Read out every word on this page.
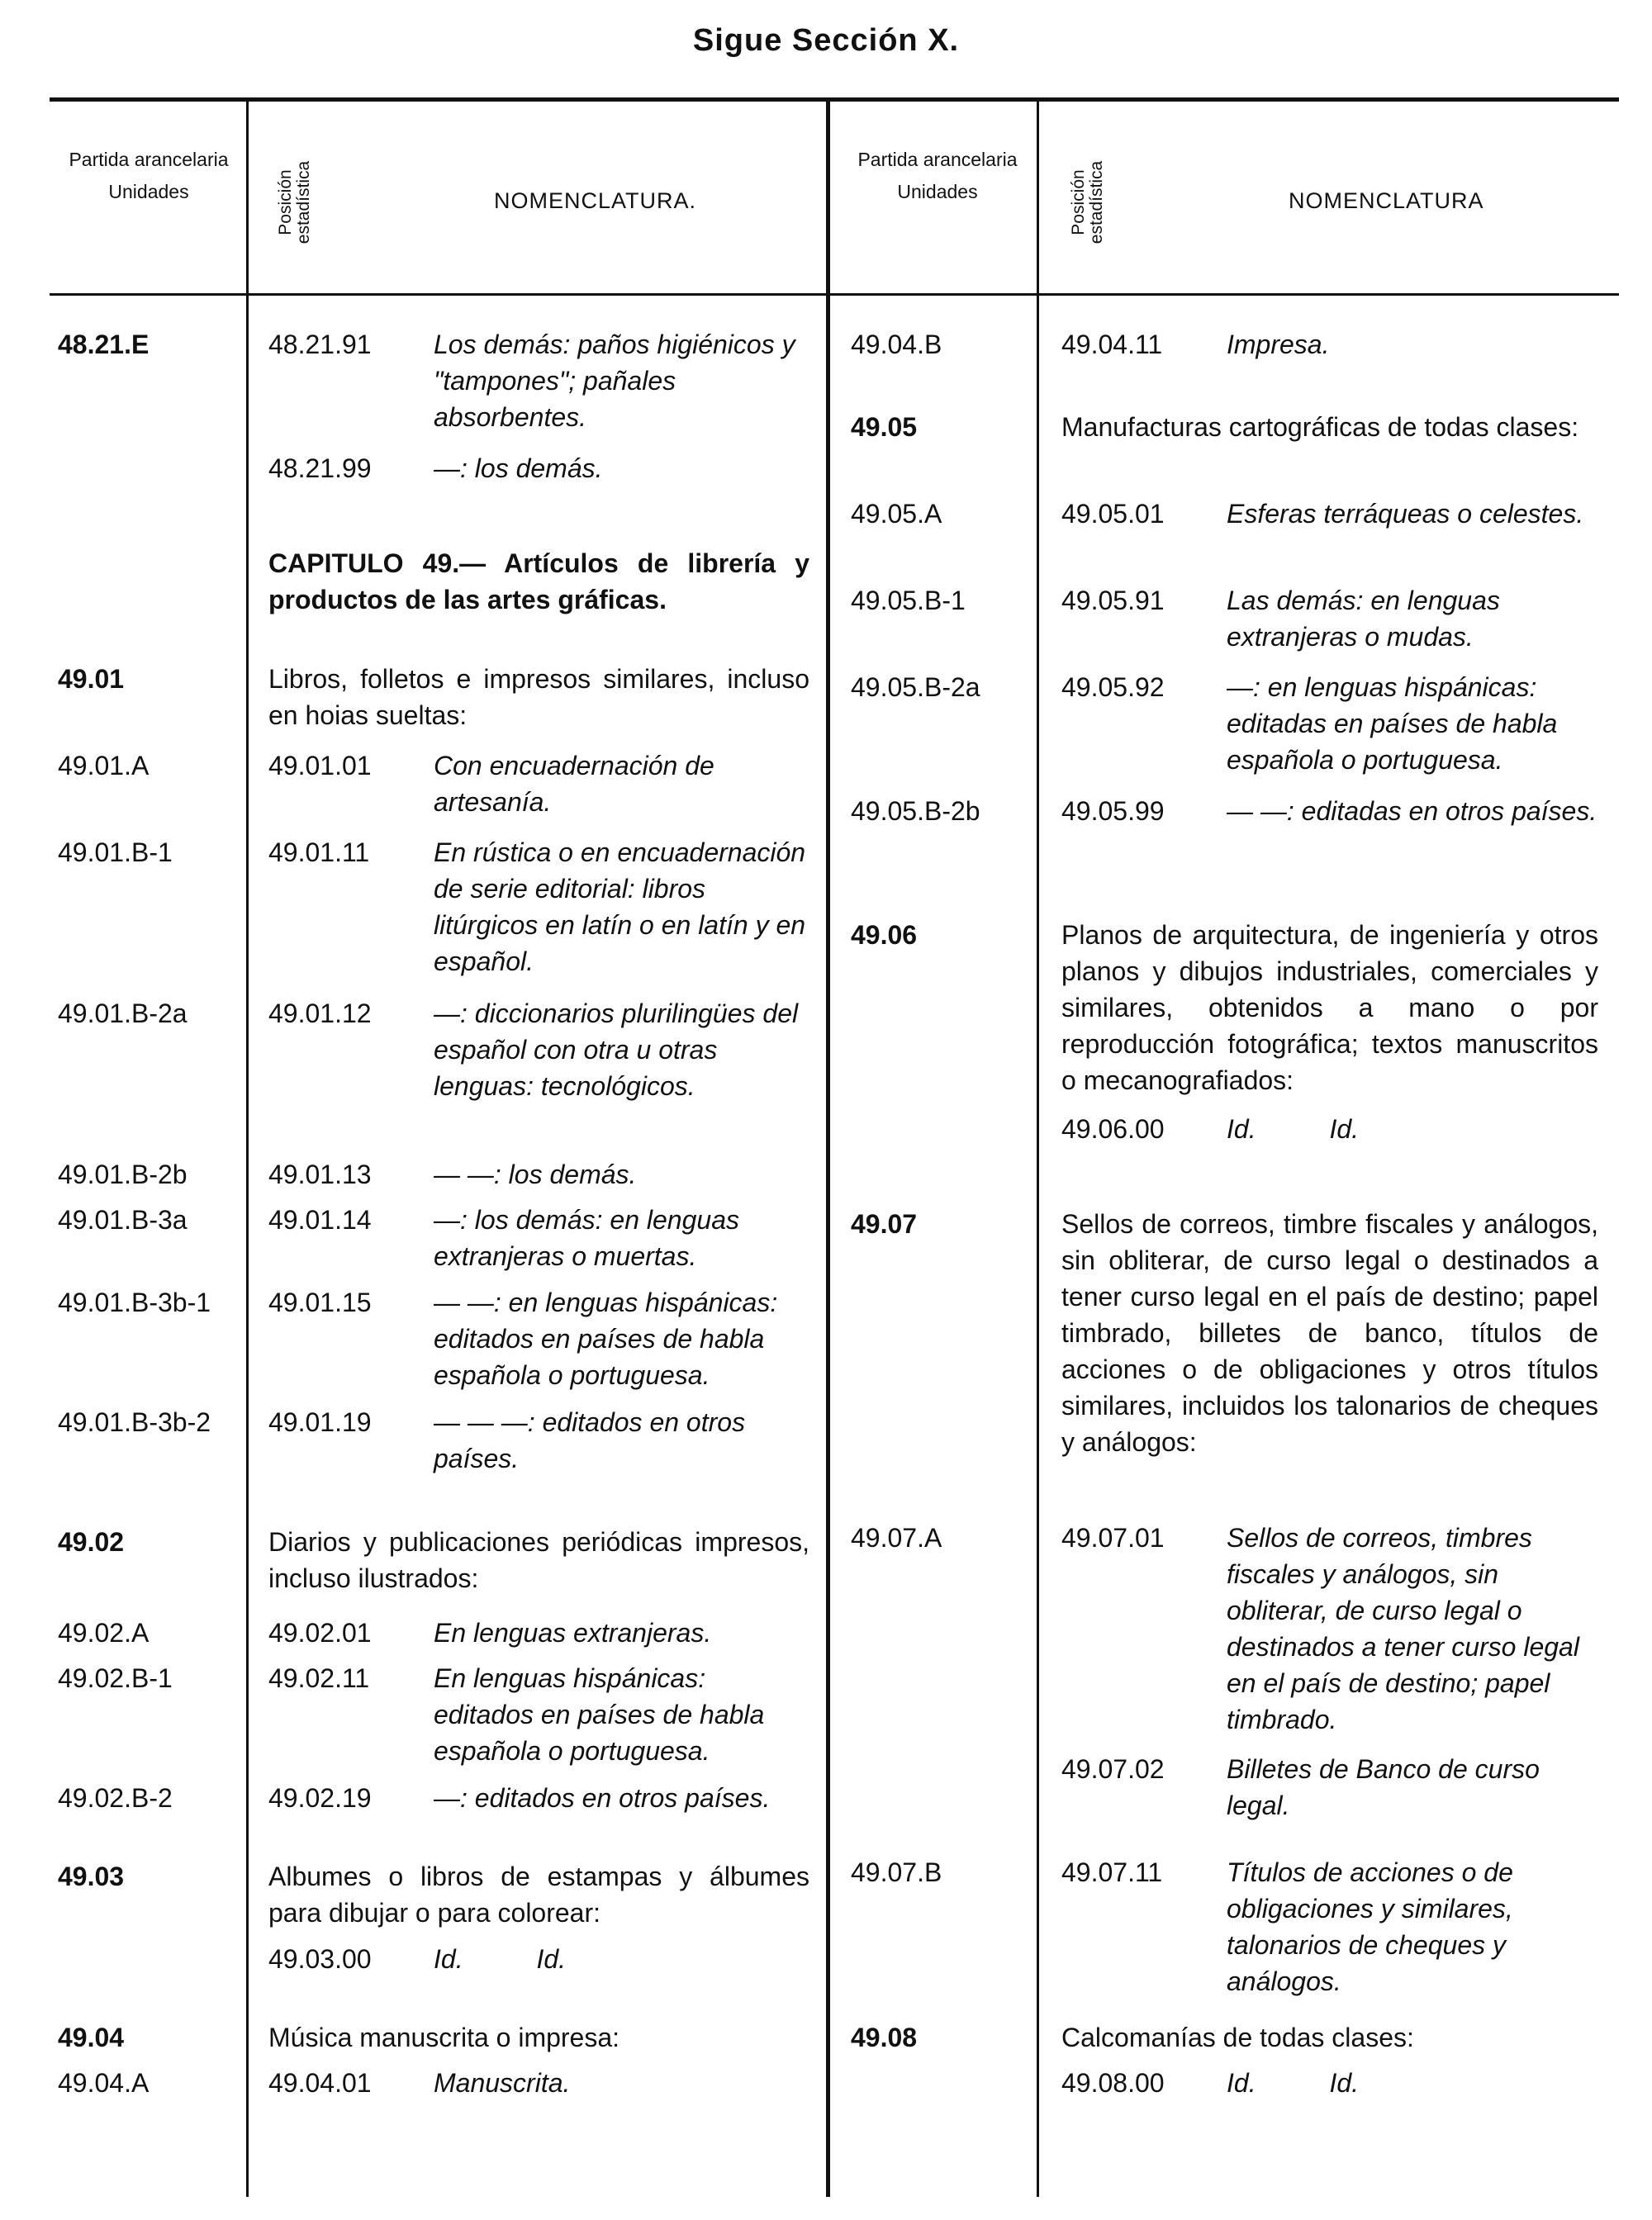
Sigue Sección X.
Partida arancelaria
Unidades	Posición estadística	NOMENCLATURA.
Partida arancelaria
Unidades	Posición estadística	NOMENCLATURA
48.21.E	48.21.91 Los demás: paños higiénicos y "tampones"; pañales absorbentes.
48.21.99 —: los demás.
CAPITULO 49.— Artículos de librería y productos de las artes gráficas.
49.01	Libros, folletos e impresos similares, incluso en hoias sueltas:
49.01.A	49.01.01 Con encuadernación de artesanía.
49.01.B-1	49.01.11 En rústica o en encuadernación de serie editorial: libros litúrgicos en latín o en latín y en español.
49.01.B-2a	49.01.12 —: diccionarios plurilingües del español con otra u otras lenguas: tecnológicos.
49.01.B-2b	49.01.13 — —: los demás.
49.01.B-3a	49.01.14 —: los demás: en lenguas extranjeras o muertas.
49.01.B-3b-1 49.01.15 — —: en lenguas hispánicas: editados en países de habla española o portuguesa.
49.01.B-3b-2 49.01.19 — — —: editados en otros países.
49.02	Diarios y publicaciones periódicas impresos, incluso ilustrados:
49.02.A	49.02.01 En lenguas extranjeras.
49.02.B-1	49.02.11 En lenguas hispánicas: editados en países de habla española o portuguesa.
49.02.B-2	49.02.19 —: editados en otros países.
49.03	Albumes o libros de estampas y álbumes para dibujar o para colorear:
49.03.00 Id.          Id.
49.04	Música manuscrita o impresa:
49.04.A	49.04.01 Manuscrita.
49.04.B	49.04.11 Impresa.
49.05	Manufacturas cartográficas de todas clases:
49.05.A	49.05.01 Esferas terráqueas o celestes.
49.05.B-1	49.05.91 Las demás: en lenguas extranjeras o mudas.
49.05.B-2a	49.05.92 —: en lenguas hispánicas: editadas en países de habla española o portuguesa.
49.05.B-2b	49.05.99 — —: editadas en otros países.
49.06	Planos de arquitectura, de ingeniería y otros planos y dibujos industriales, comerciales y similares, obtenidos a mano o por reproducción fotográfica; textos manuscritos o mecanografiados:
49.06.00 Id.          Id.
49.07	Sellos de correos, timbre fiscales y análogos, sin obliterar, de curso legal o destinados a tener curso legal en el país de destino; papel timbrado, billetes de banco, títulos de acciones o de obligaciones y otros títulos similares, incluidos los talonarios de cheques y análogos:
49.07.A	49.07.01 Sellos de correos, timbres fiscales y análogos, sin obliterar, de curso legal o destinados a tener curso legal en el país de destino; papel timbrado.
49.07.02 Billetes de Banco de curso legal.
49.07.B	49.07.11 Títulos de acciones o de obligaciones y similares, talonarios de cheques y análogos.
49.08	Calcomanías de todas clases:
49.08.00 Id.          Id.
